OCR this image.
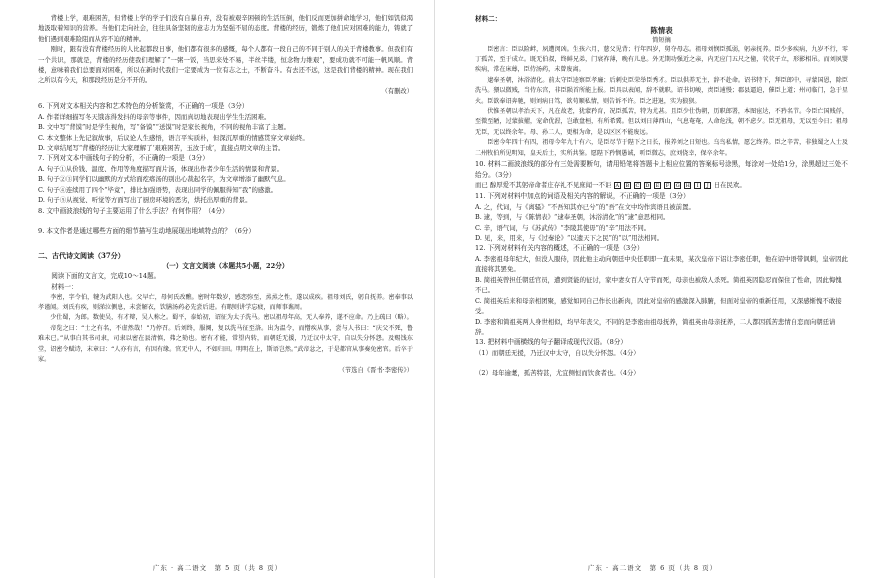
背楼上学，艰难困苦，但背楼上学的学子们没有自暴自弃，没有被艰辛困顿的生活压倒，他们反而更加拼命地学习，他们如饥似渴地汲取着知识的营养。当他们走向社会，往往具备坚韧的意志力为坚强不屈的态度。背楼的经历，锻炼了他们应对困难的能力，铸就了他们遇到艰难险阻而从容不迫的精神。

刚时，跟有没有背楼经历的人比起都段日事，他们都有很多的感慨，每个人都有一段自己的不同于别人的关于背楼教事。但我们有一个共识，那就是，背楼的经历使我们理解了“一粥一饭，当思来处不易，半丝半缕，恒念物力维艰”，要成功就不可能一帆风顺。背楼，意味着我们总要面对困难，所以在新时代我们一定要成为一位有志之士，不断奋斗。有去还不远，这是我们背楼的精神。现在我们之所以有今天，和那段经历是分不开的。

（有删改）
6. 下列对文本相关内容和艺术特色的分析鉴赏，不正确的一项是（3分）
A. 作者详细描写冬天饿冻得发抖的母亲等事件，因而真切地表现出学生生活困难。
B. 文中写“背馍”时是学生视角，写“备馍”“送馍”时是家长视角，不同的视角丰富了主题。
C. 本文整体上先记叙故事，后议论人生感悟，语言平实质朴，但深沉厚重的情感贯穿文章始终。
D. 文章结尾写“背楼的经历让大家理解了‘艰难困苦，玉汝于成’，直接点明文章的主旨。
7. 下列对文本中画线句子的分析，不正确的一项是（3分）
A. 句子①从价钱、温度、作用等角度描写面片汤，体现出作者少年生活的情景和背景。
B. 句子②③同学们以幽默的方式给面疙瘩汤的别出心裁起名字，为文章增添了幽默气息。
C. 句子④连续用了四个“毕竟”，排比加强语势，表现出同学的佩服得知“我”的感激。
D. 句子⑤从视觉、听觉等方面写出了厨房环境的恶劣，烘托出厚重的背景。
8. 文中画波浪线的句子主要运用了什么手法？有何作用？（4分）
9. 本文作者是通过哪些方面的细节描写生动地展现出地域特点的？（6分）
二、古代诗文阅读（37分）
（一）文言文阅读（本题共5小题，22分）
阅读下面的文言文，完成10～14题。
材料一：

李密，字令伯，犍为武阳人也。父早亡，母何氏改醮。密时年数岁，感恋弥至，烝烝之性，遂以成疾。祖母刘氏，躬自抚养。密奉事以孝谨闻。刘氏有疾，则涕泣侧息，未尝解衣，饮膳汤药必先尝后进。有暇则讲学忘疲，而师事谯周。

少仕蜀，为郎。数使吴，有才辩，吴人称之。蜀平，泰始初，诏征为太子洗马。密以祖母年高，无人奉养，遂不应命。乃上疏曰（略）。

帝览之曰：“士之有名，不虚然哉！”乃停召。后刘终，服阕，复以洗马征至洛。出为温令，而憎疾从事，尝与人书曰：“庆父不死，鲁难未已。”从事白其书司隶，司隶以密在县清慎，弗之劾也。密有才能，常望内转，而朝廷无援，乃迁汉中太守，自以失分怀怨。及赐饯东堂，诏密令赋诗，末章曰：“人亦有言，有因有缘。官无中人，不如归田。明明在上，斯语岂然。”武帝忿之，于是都官从事奏免密官。后卒于家。

（节选自《晋书·李密传》）
广东 · 高二语文　第 5 页（共 8 页）
材料二：
陈情表
简短摘

臣密言：臣以险衅，夙遭闵凶。生孩六月，慈父见背；行年四岁，舅夺母志。祖母刘悯臣孤弱，躬亲抚养。臣少多疾病，九岁不行，零丁孤苦，至于成立。既无伯叔，终鲜兄弟，门衰祚薄，晚有儿息。外无期功强近之亲，内无应门五尺之僮，茕茕孑立，形影相吊。而刘夙婴疾病，常在床蓐，臣侍汤药，未曾废离。

逮奉圣朝，沐浴清化。前太守臣逵察臣孝廉；后刺史臣荣举臣秀才。臣以供养无主，辞不赴命。诏书特下，拜臣郎中，寻蒙国恩，除臣洗马。猥以微贱，当侍东宫，非臣陨首所能上报。臣具以表闻，辞不就职。诏书切峻，责臣逋慢；郡县逼迫，催臣上道；州司临门，急于星火。臣欲奉诏奔驰，则刘病日笃，欲苟顺私情，则告诉不许。臣之进退，实为狼狈。

伏惟圣朝以孝治天下，凡在故老，犹蒙矜育，况臣孤苦，特为尤甚。且臣少仕伪朝，历职郎署，本图宦达，不矜名节。今臣亡国贱俘，至微至陋，过蒙拔擢，宠命优渥，岂敢盘桓，有所希冀。但以刘日薄西山，气息奄奄，人命危浅，朝不虑夕。臣无祖母，无以至今日；祖母无臣，无以终余年。母、孙二人，更相为命，是以区区不能废远。

臣密今年四十有四，祖母今年九十有六，是臣尽节于陛下之日长，报养刘之日短也。乌鸟私情，愿乞终养。臣之辛苦，非独蜀之人士及二州牧伯所见明知，皇天后土，实所共鉴。愿陛下矜悯愚诚，听臣微志，庶刘侥幸，保卒余年。

10. 材料二画波浪线的部分有三处需要断句，请用铅笔将答题卡上相应位置的答案标号涂黑，每涂对一处给1分，涂黑超过三处不给分。（3分）
而已 醇厚爱不其躬帝命者庄存礼不见庶闻一不讵 A B C D E F G H I J 日在民欢。
11. 下列对材料中加点的词语及相关内容的解说，不正确的一项是（3分）
A. 之，代词，与《离骚》“不吾知其亦已兮”的“吾”在文中均作宾语且被前置。
B. 逮，等到，与《陈情表》“逮奉圣朝，沐浴清化”的“逮”意思相同。
C. 辛，语气词，与《苏武传》“李陵其使毋”的“辛”用法不同。
D. 见，来，用来，与《过秦论》“以遗天下之民”的“以”用法相同。
12. 下列对材料有关内容的概述，不正确的一项是（3分）
A. 李密祖母年纪大，但没人服侍，因此他主动向朝廷中央任职即一直未果，某次皇帝下诏让李密任职，他在诏中语带讽刺，皇帝因此直接将其罢免。
B. 简祖英曾担任朝廷官员，遭到贤能的征讨，家中妻女百人守节而死，母亲也被敌人杀死。简祖英因隐忍而保住了性命，因此悔愧不已。
C. 简祖英后来和母亲相团聚，感觉如同自己作长出新肉，因此对皇帝的感激深入肺腑，但面对皇帝的重新任用，又深感惭愧不敢接受。
D. 李密和简祖英两人身世相似，均早年丧父，不同的是李密由祖母抚养，简祖英由母亲抚养，二人都因孤苦悲情自恋而向朝廷请辞。
13. 把材料中画横线的句子翻译成现代汉语。（8分）
（1）而朝廷无援，乃迁汉中太守，自以失分怀怨。（4分）
（2）母年逾耄，孤苦特甚，尤宜侧恒而饮食者也。（4分）
广东 · 高二语文　第 6 页（共 8 页）
